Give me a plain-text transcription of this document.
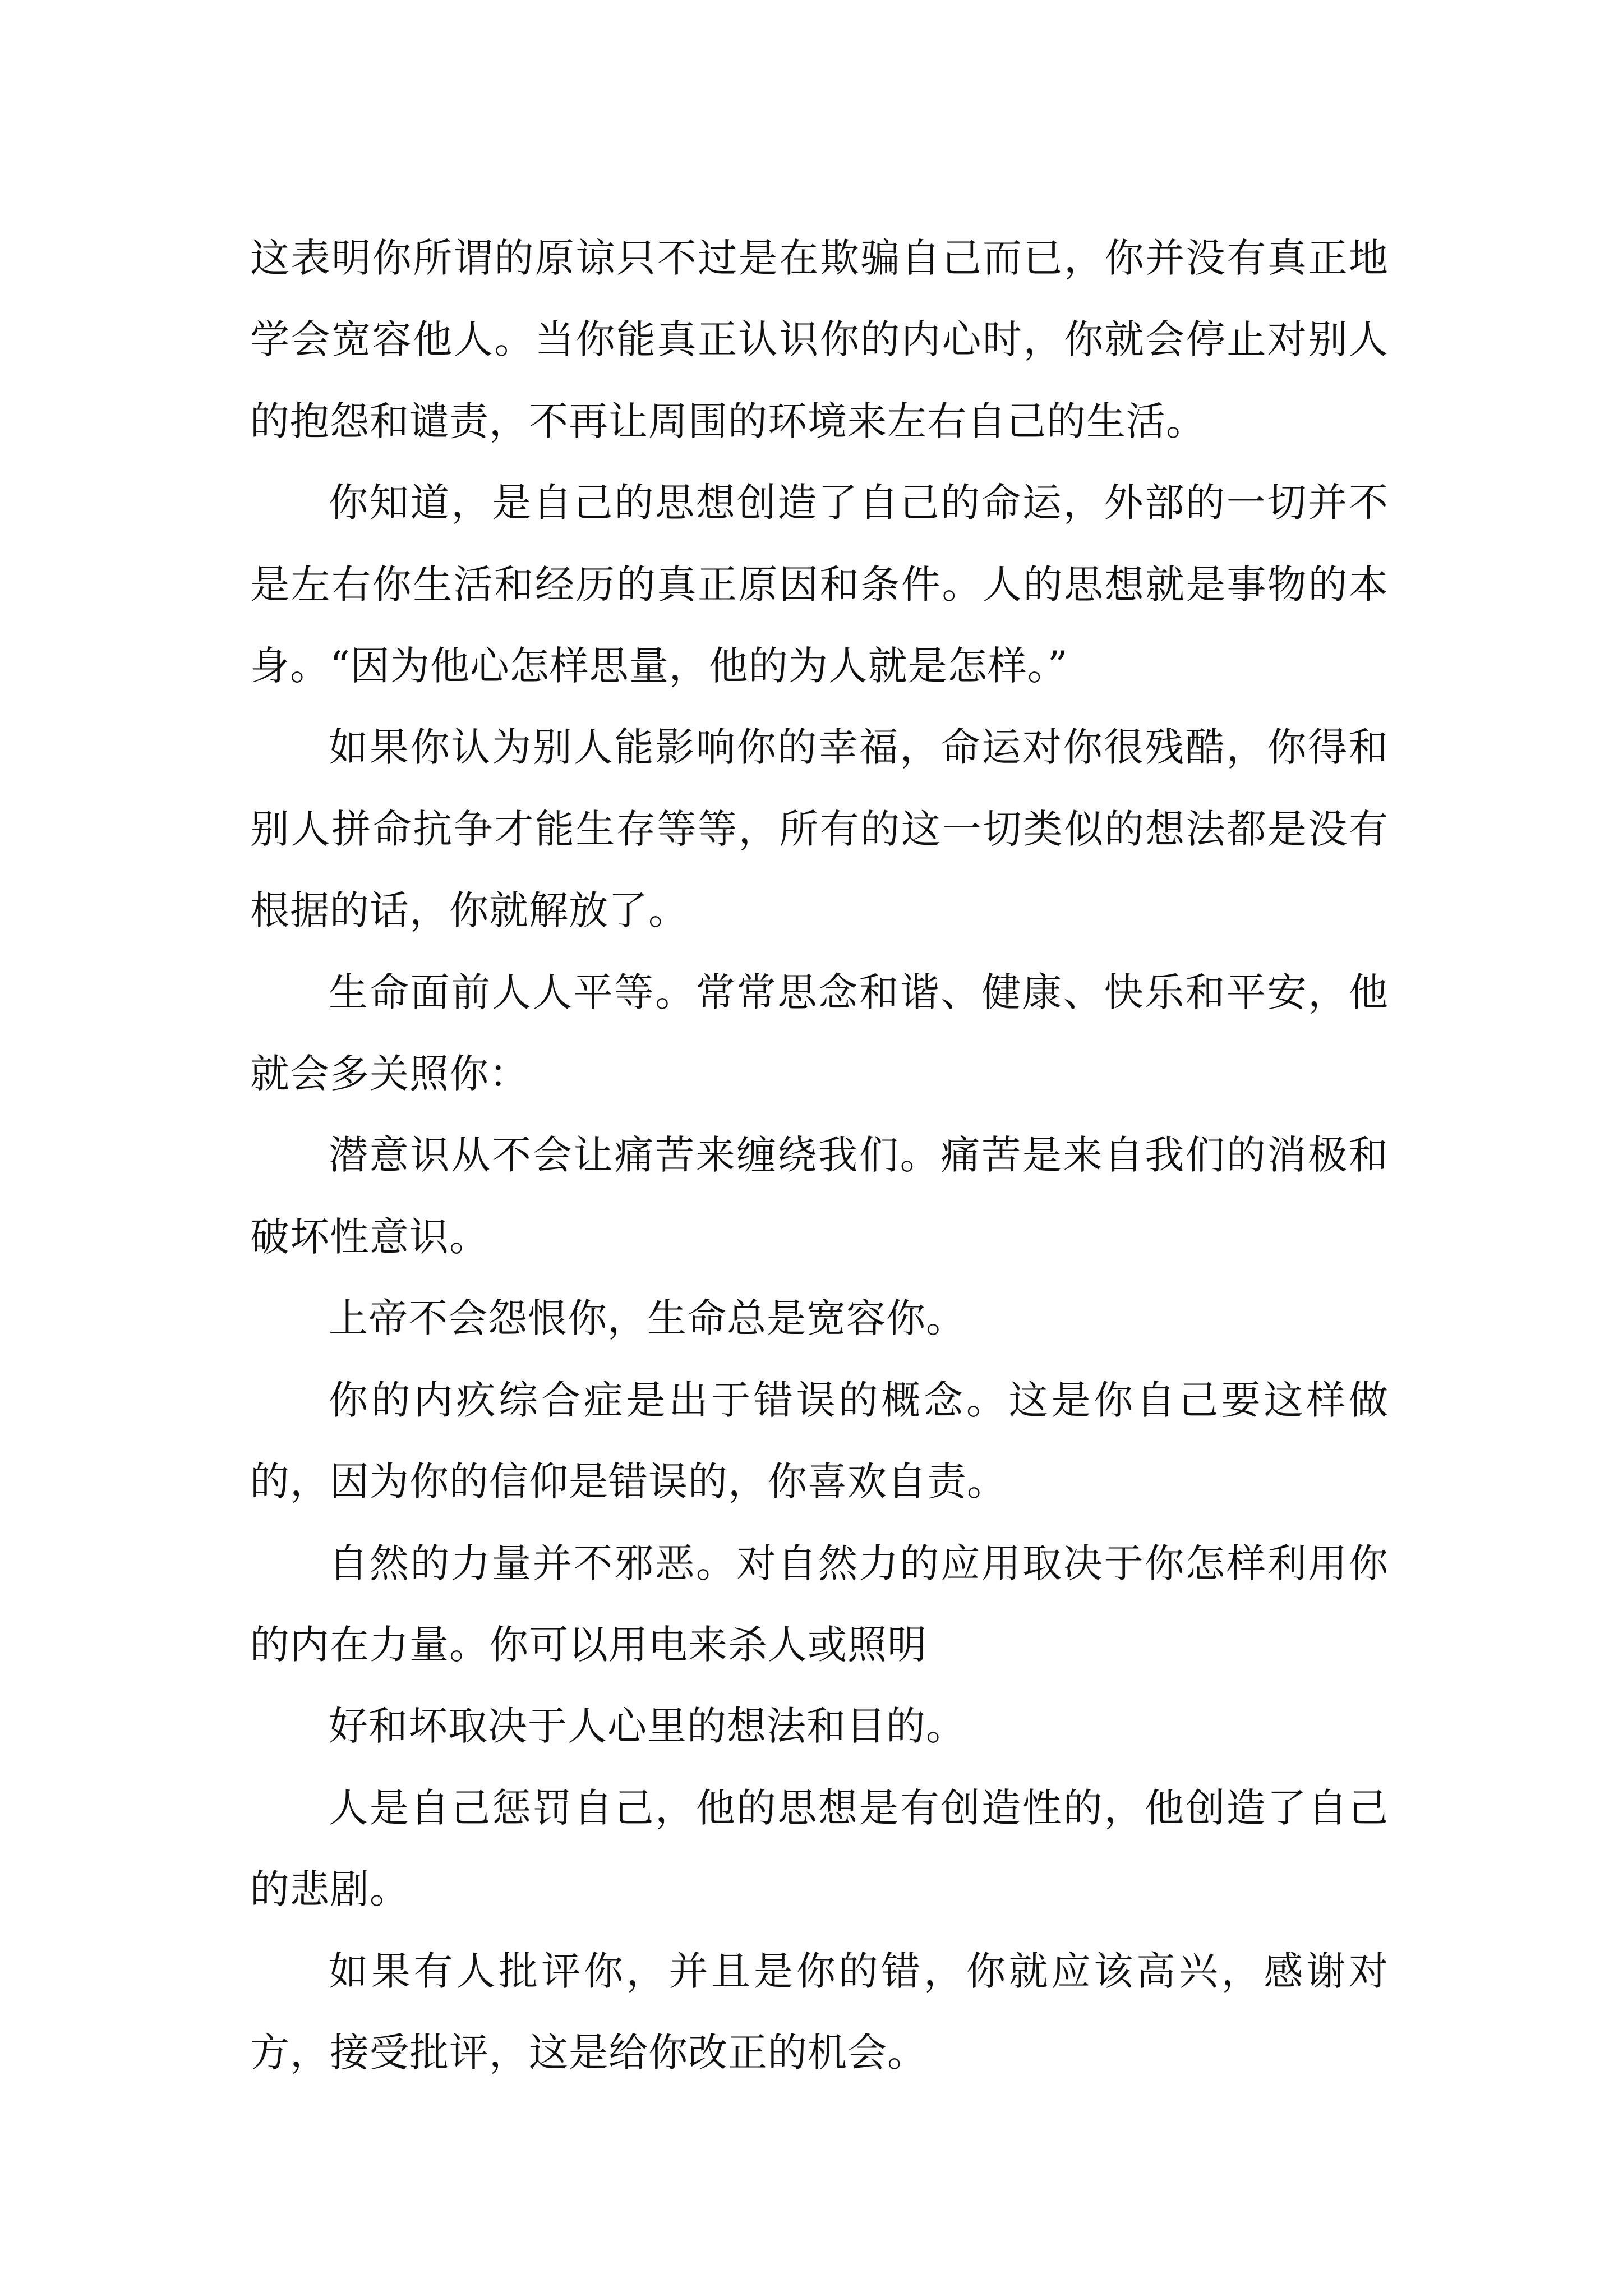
这表明你所谓的原谅只不过是在欺骗自己而已，你并没有真正地学会宽容他人。当你能真正认识你的内心时，你就会停止对别人的抱怨和谴责，不再让周围的环境来左右自己的生活。

你知道，是自己的思想创造了自己的命运，外部的一切并不是左右你生活和经历的真正原因和条件。人的思想就是事物的本身。“因为他心怎样思量，他的为人就是怎样。”

如果你认为别人能影响你的幸福，命运对你很残酷，你得和别人拼命抗争才能生存等等，所有的这一切类似的想法都是没有根据的话，你就解放了。

生命面前人人平等。常常思念和谐、健康、快乐和平安，他就会多关照你：

潜意识从不会让痛苦来缠绕我们。痛苦是来自我们的消极和破坏性意识。

上帝不会怨恨你，生命总是宽容你。

你的内疚综合症是出于错误的概念。这是你自己要这样做的，因为你的信仰是错误的，你喜欢自责。

自然的力量并不邪恶。对自然力的应用取决于你怎样利用你的内在力量。你可以用电来杀人或照明

好和坏取决于人心里的想法和目的。

人是自己惩罚自己，他的思想是有创造性的，他创造了自己的悲剧。

如果有人批评你，并且是你的错，你就应该高兴，感谢对方，接受批评，这是给你改正的机会。
